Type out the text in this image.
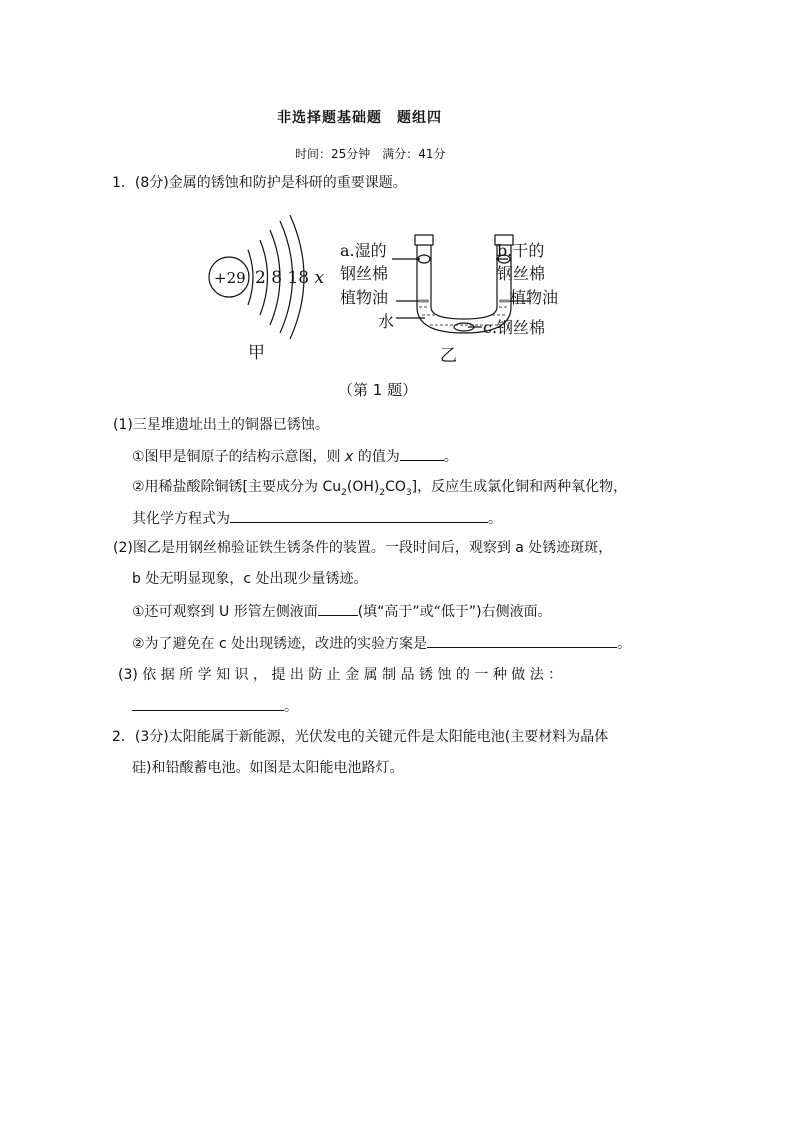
非选择题基础题　题组四
时间：25分钟　满分：41分
1．(8分)金属的锈蚀和防护是科研的重要课题。
+29 2 8 18 x
甲
a.湿的
钢丝棉
b.干的
钢丝棉
植物油	植物油
水	c.钢丝棉
乙
（第 1 题）
(1)三星堆遗址出土的铜器已锈蚀。
①图甲是铜原子的结构示意图，则 x 的值为	。
②用稀盐酸除铜锈[主要成分为 $Cu_2(OH)_2CO_3$]，反应生成氯化铜和两种氧化物，
其化学方程式为	。
(2)图乙是用钢丝棉验证铁生锈条件的装置。一段时间后，观察到 a 处锈迹斑斑，
b 处无明显现象，c 处出现少量锈迹。
①还可观察到 U 形管左侧液面	(填“高于”或“低于”)右侧液面。
②为了避免在 c 处出现锈迹，改进的实验方案是	。
(3) 依 据 所 学 知 识 ， 提 出 防 止 金 属 制 品 锈 蚀 的 一 种 做 法 ：
。
2．(3分)太阳能属于新能源，光伏发电的关键元件是太阳能电池(主要材料为晶体
硅)和铅酸蓄电池。如图是太阳能电池路灯。
